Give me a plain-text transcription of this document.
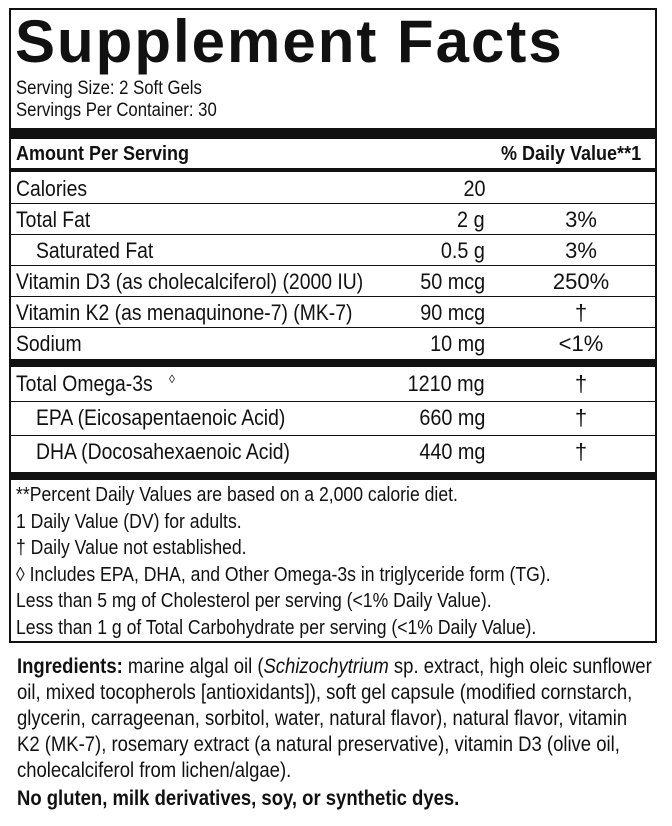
Supplement Facts
Serving Size: 2 Soft Gels
Servings Per Container: 30
Amount Per Serving	% Daily Value**1
Calories	20
Total Fat	2 g	3%
Saturated Fat	0.5 g	3%
Vitamin D3 (as cholecalciferol) (2000 IU)	50 mcg	250%
Vitamin K2 (as menaquinone-7) (MK-7)	90 mcg	†
Sodium	10 mg	<1%
Total Omega-3s ◊	1210 mg	†
EPA (Eicosapentaenoic Acid)	660 mg	†
DHA (Docosahexaenoic Acid)	440 mg	†
**Percent Daily Values are based on a 2,000 calorie diet.
1 Daily Value (DV) for adults.
† Daily Value not established.
◊ Includes EPA, DHA, and Other Omega-3s in triglyceride form (TG).
Less than 5 mg of Cholesterol per serving (<1% Daily Value).
Less than 1 g of Total Carbohydrate per serving (<1% Daily Value).
Ingredients: marine algal oil (Schizochytrium sp. extract, high oleic sunflower oil, mixed tocopherols [antioxidants]), soft gel capsule (modified cornstarch, glycerin, carrageenan, sorbitol, water, natural flavor), natural flavor, vitamin K2 (MK-7), rosemary extract (a natural preservative), vitamin D3 (olive oil, cholecalciferol from lichen/algae).
No gluten, milk derivatives, soy, or synthetic dyes.
